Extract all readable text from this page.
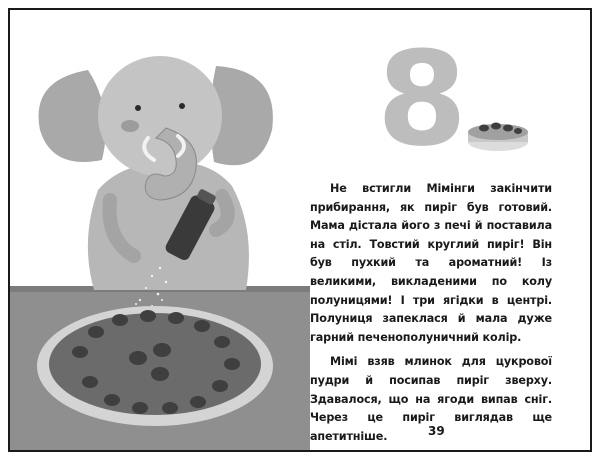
8

Не встигли Мімінги закінчити прибирання, як пиріг був готовий. Мама дістала його з печі й поставила на стіл. Товстий круглий пиріг! Він був пухкий та ароматний! Із великими, викладеними по колу полуницями! І три ягідки в центрі. Полуниця запеклася й мала дуже гарний печенополуничний колір.

Мімі взяв млинок для цукрової пудри й посипав пиріг зверху. Здавалося, що на ягоди випав сніг. Через це пиріг виглядав ще апетитніше.	39
